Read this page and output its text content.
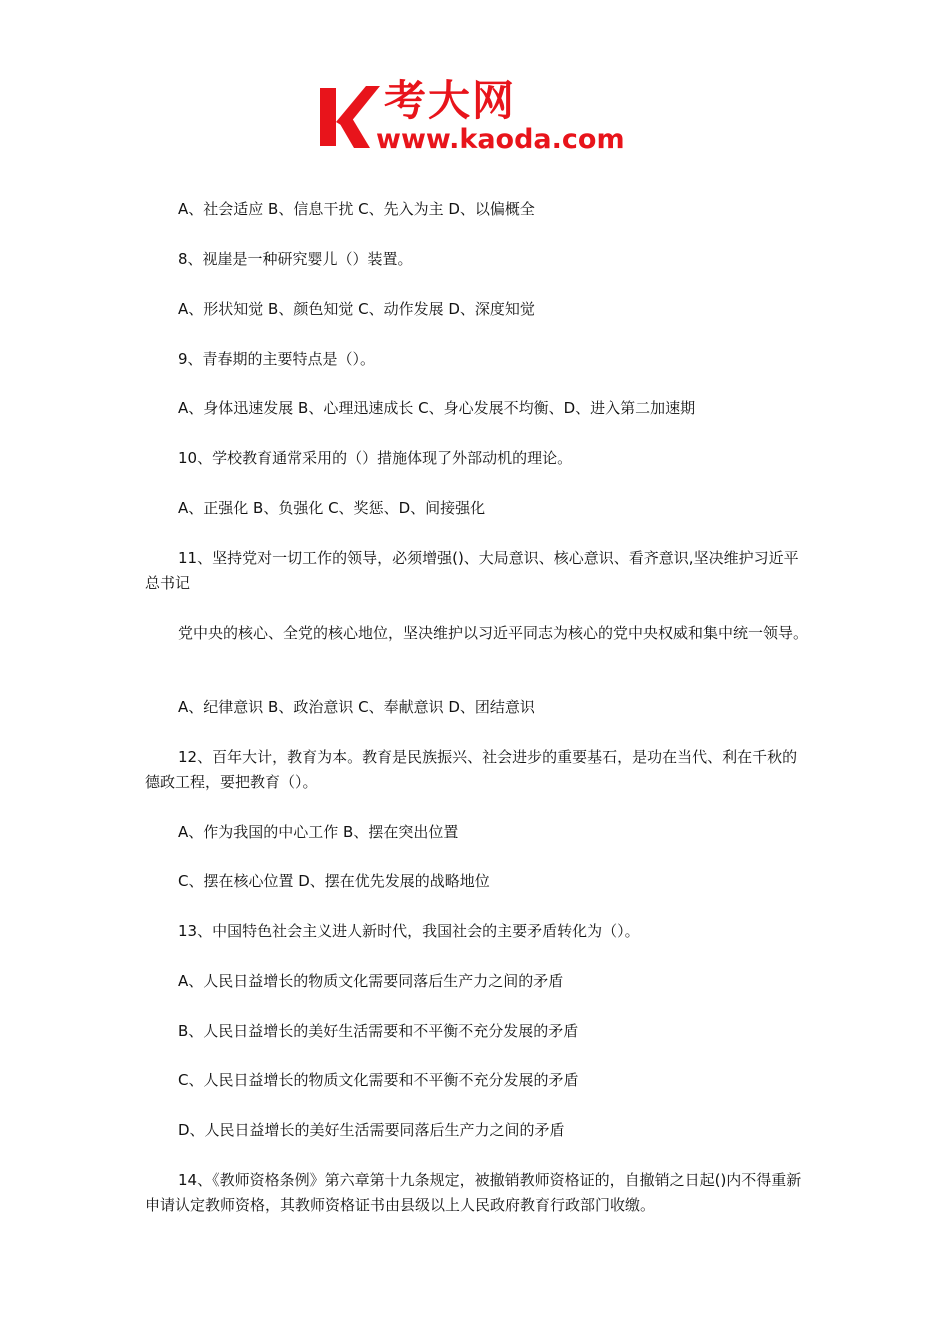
考大网
www.kaoda.com

A、社会适应 B、信息干扰 C、先入为主 D、以偏概全

8、视崖是一种研究婴儿（）装置。

A、形状知觉 B、颜色知觉 C、动作发展 D、深度知觉

9、青春期的主要特点是（）。

A、身体迅速发展 B、心理迅速成长 C、身心发展不均衡、D、进入第二加速期

10、学校教育通常采用的（）措施体现了外部动机的理论。

A、正强化 B、负强化 C、奖惩、D、间接强化

11、坚持党对一切工作的领导，必须增强()、大局意识、核心意识、看齐意识,坚决维护习近平总书记

党中央的核心、全党的核心地位，坚决维护以习近平同志为核心的党中央权威和集中统一领导。

A、纪律意识 B、政治意识 C、奉献意识 D、团结意识

12、百年大计，教育为本。教育是民族振兴、社会进步的重要基石，是功在当代、利在千秋的德政工程，要把教育（）。

A、作为我国的中心工作 B、摆在突出位置

C、摆在核心位置 D、摆在优先发展的战略地位

13、中国特色社会主义进人新时代，我国社会的主要矛盾转化为（）。

A、人民日益增长的物质文化需要同落后生产力之间的矛盾

B、人民日益增长的美好生活需要和不平衡不充分发展的矛盾

C、人民日益增长的物质文化需要和不平衡不充分发展的矛盾

D、人民日益增长的美好生活需要同落后生产力之间的矛盾

14、《教师资格条例》第六章第十九条规定，被撤销教师资格证的，自撤销之日起()内不得重新申请认定教师资格，其教师资格证书由县级以上人民政府教育行政部门收缴。
